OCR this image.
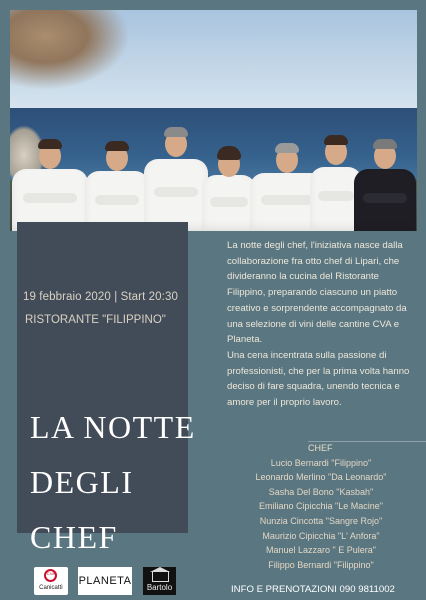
19 febbraio 2020 | Start 20:30
RISTORANTE "FILIPPINO"
LA NOTTE
DEGLI
CHEF

La notte degli chef, l'iniziativa nasce dalla collaborazione fra otto chef di Lipari, che divideranno la cucina del Ristorante Filippino, preparando ciascuno un piatto creativo e sorprendente accompagnato da una selezione di vini delle cantine CVA e Planeta.

Una cena incentrata sulla passione di professionisti, che per la prima volta hanno deciso di fare squadra, unendo tecnica e amore per il proprio lavoro.

CHEF
Lucio Bernardi "Filippino"
Leonardo Merlino "Da Leonardo"
Sasha Del Bono "Kasbah"
Emiliano Cipicchia "Le Macine"
Nunzia Cincotta "Sangre Rojo"
Maurizio Cipicchia "L' Anfora"
Manuel Lazzaro " E Pulera"
Filippo Bernardi "Filippino"
CVA
Canicattì
PLANETA
Bartolo	INFO E PRENOTAZIONI 090 9811002
